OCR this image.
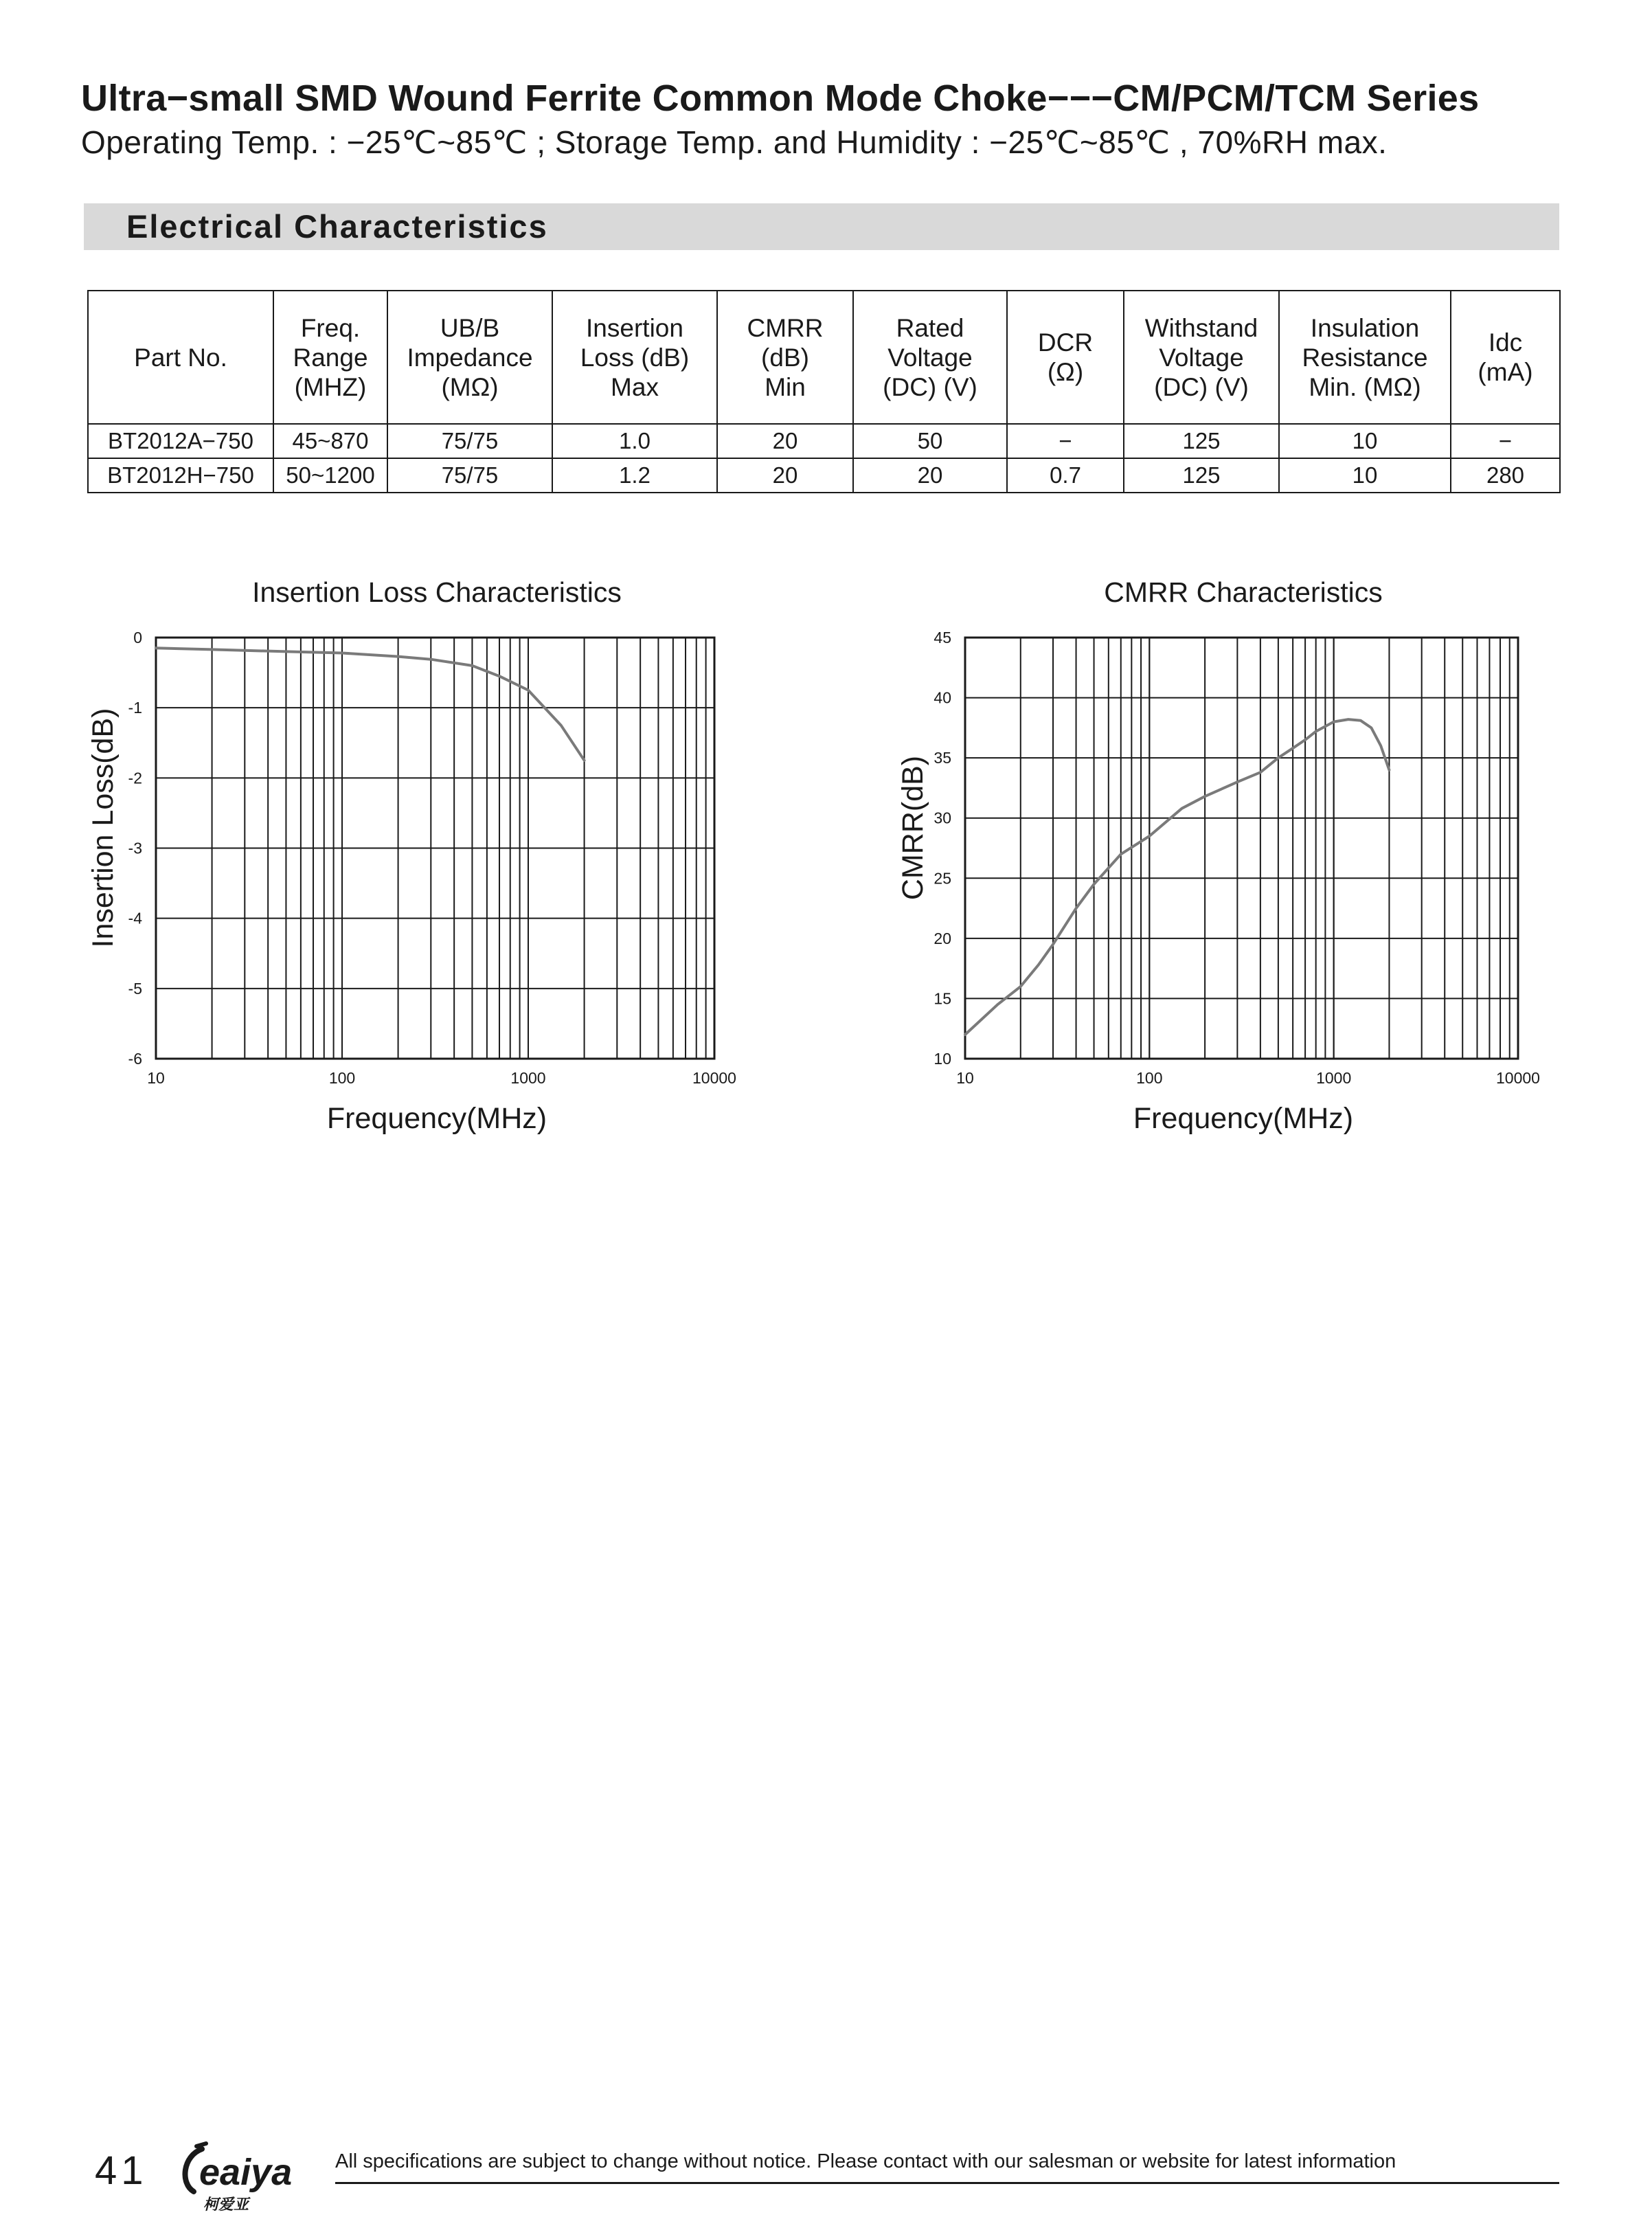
Ultra−small SMD Wound Ferrite Common Mode Choke−−−CM/PCM/TCM Series

Operating Temp. : −25℃~85℃ ; Storage Temp. and Humidity : −25℃~85℃ , 70%RH max.

Electrical Characteristics
Part No.	Freq.
Range
(MHZ)	UB/B
Impedance
(MΩ)	Insertion
Loss (dB)
Max	CMRR
(dB)
Min	Rated
Voltage
(DC) (V)	DCR
(Ω)	Withstand
Voltage
(DC) (V)	Insulation
Resistance
Min. (MΩ)	Idc
(mA)
BT2012A−750	45~870	75/75	1.0	20	50	−	125	10	−
BT2012H−750	50~1200	75/75	1.2	20	20	0.7	125	10	280
Insertion Loss Characteristics
0
-1
-2
-3
-4
-5
-6
10	100	1000	10000
Frequency(MHz)
Insertion Loss(dB)
CMRR Characteristics
45
40
35
30
25
20
15
10
10	100	1000	10000
Frequency(MHz)
CMRR(dB)
41 eaiya
柯爱亚
All specifications are subject to change without notice. Please contact with our salesman or website for latest information
